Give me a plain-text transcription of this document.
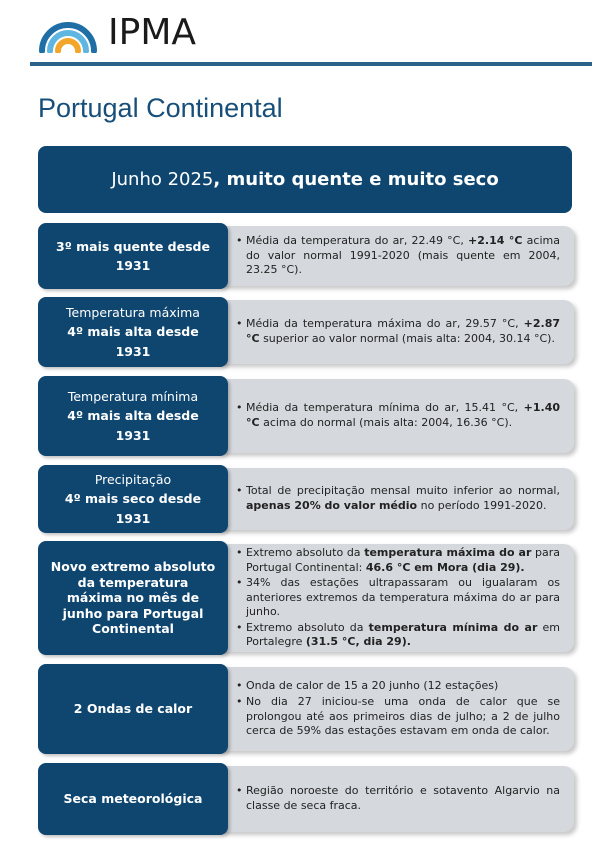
IPMA
Portugal Continental
Junho 2025 , muito quente e muito seco
3º mais quente desde 1931
• Média da temperatura do ar, 22.49 °C, +2.14 °C acima do valor normal 1991-2020 (mais quente em 2004, 23.25 °C).
Temperatura máxima
4º mais alta desde 1931
• Média da temperatura máxima do ar, 29.57 °C, +2.87 °C superior ao valor normal (mais alta: 2004, 30.14 °C).
Temperatura mínima
4º mais alta desde 1931
• Média da temperatura mínima do ar, 15.41 °C, +1.40 °C acima do normal (mais alta: 2004, 16.36 °C).
Precipitação
4º mais seco desde 1931
• Total de precipitação mensal muito inferior ao normal, apenas 20% do valor médio no período 1991-2020.
Novo extremo absoluto da temperatura máxima no mês de junho para Portugal Continental
• Extremo absoluto da temperatura máxima do ar para Portugal Continental: 46.6 °C em Mora (dia 29).
• 34% das estações ultrapassaram ou igualaram os anteriores extremos da temperatura máxima do ar para junho.
• Extremo absoluto da temperatura mínima do ar em Portalegre (31.5 °C, dia 29).
2 Ondas de calor
• Onda de calor de 15 a 20 junho (12 estações)
• No dia 27 iniciou-se uma onda de calor que se prolongou até aos primeiros dias de julho; a 2 de julho cerca de 59% das estações estavam em onda de calor.
Seca meteorológica
• Região noroeste do território e sotavento Algarvio na classe de seca fraca.
